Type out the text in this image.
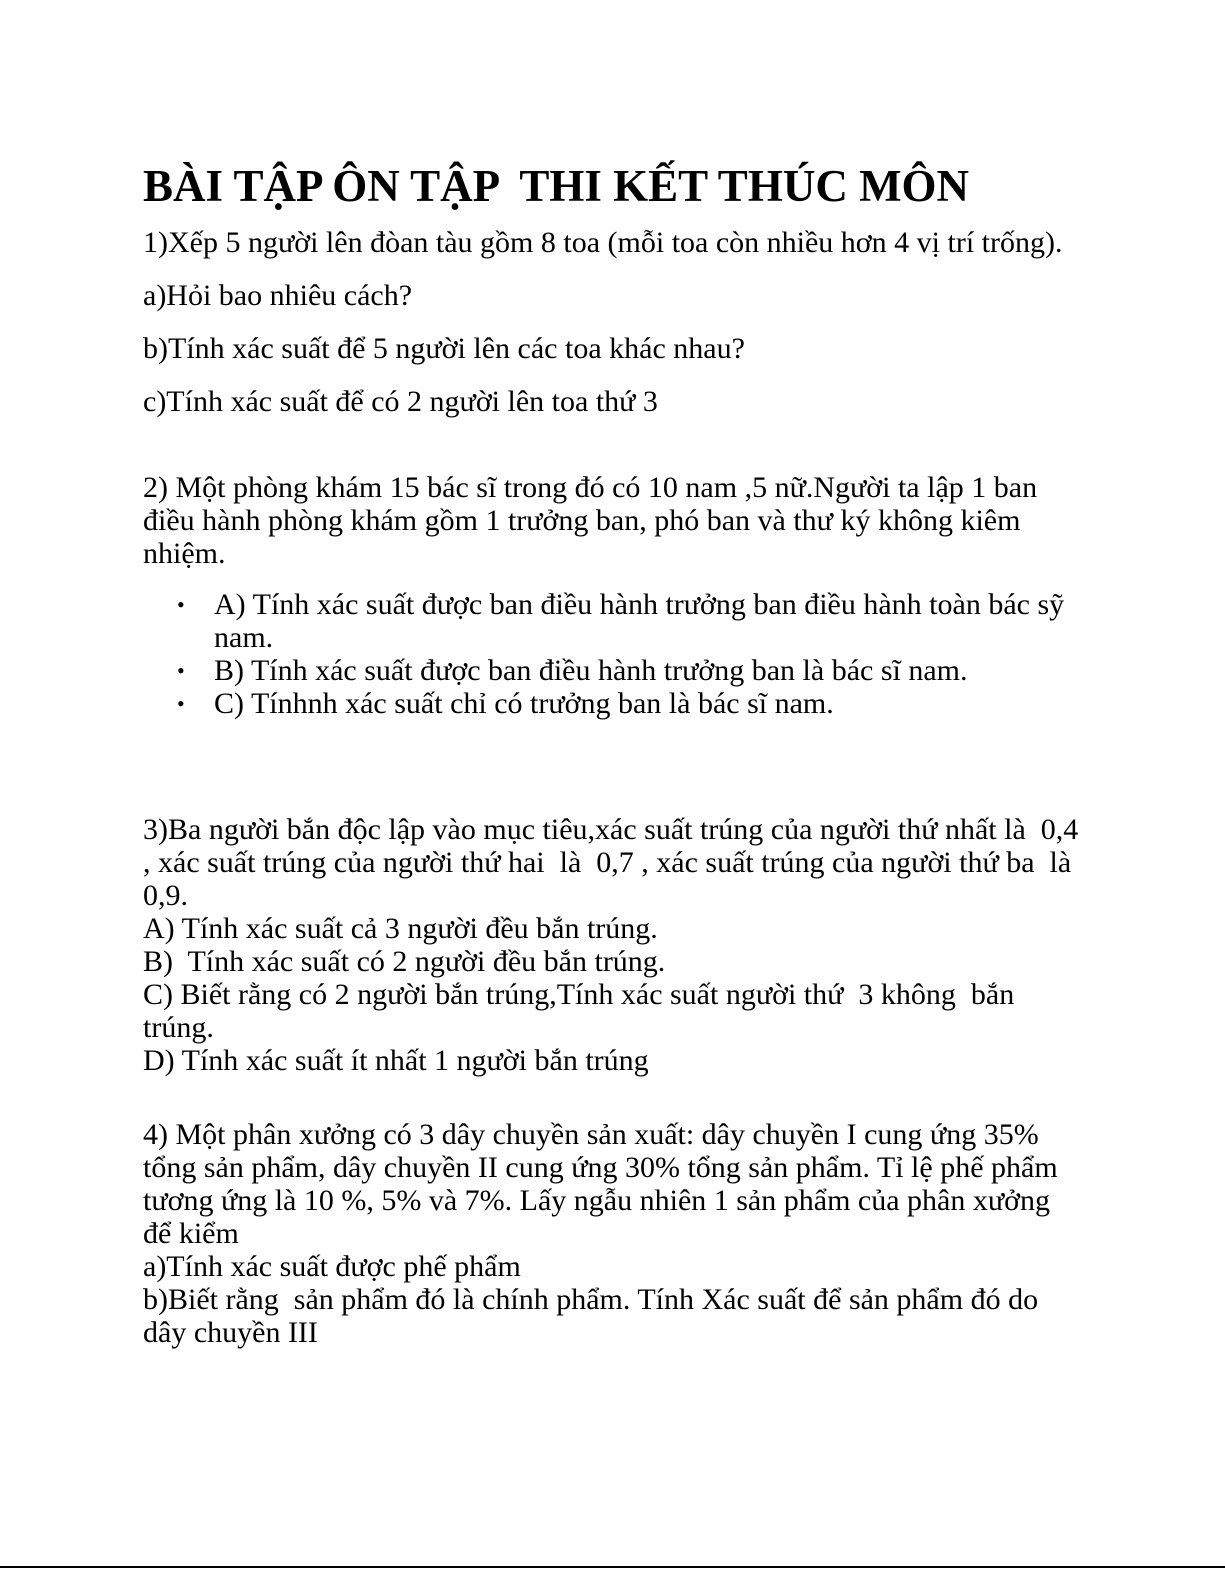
BÀI TẬP ÔN TẬP  THI KẾT THÚC MÔN

1)Xếp 5 người lên đòan tàu gồm 8 toa (mỗi toa còn nhiều hơn 4 vị trí trống).

a)Hỏi bao nhiêu cách?

b)Tính xác suất để 5 người lên các toa khác nhau?

c)Tính xác suất để có 2 người lên toa thứ 3

2) Một phòng khám 15 bác sĩ trong đó có 10 nam ,5 nữ.Người ta lập 1 ban điều hành phòng khám gồm 1 trưởng ban, phó ban và thư ký không kiêm nhiệm.

• A) Tính xác suất được ban điều hành trưởng ban điều hành toàn bác sỹ nam.
• B) Tính xác suất được ban điều hành trưởng ban là bác sĩ nam.
• C) Tínhnh xác suất chỉ có trưởng ban là bác sĩ nam.

3)Ba người bắn độc lập vào mục tiêu,xác suất trúng của người thứ nhất là  0,4 , xác suất trúng của người thứ hai  là  0,7 , xác suất trúng của người thứ ba  là  0,9.

A) Tính xác suất cả 3 người đều bắn trúng.

B)  Tính xác suất có 2 người đều bắn trúng.

C) Biết rằng có 2 người bắn trúng,Tính xác suất người thứ  3 không  bắn trúng.

D) Tính xác suất ít nhất 1 người bắn trúng

4) Một phân xưởng có 3 dây chuyền sản xuất: dây chuyền I cung ứng 35% tổng sản phẩm, dây chuyền II cung ứng 30% tổng sản phẩm. Tỉ lệ phế phẩm tương ứng là 10 %, 5% và 7%. Lấy ngẫu nhiên 1 sản phẩm của phân xưởng để kiểm

a)Tính xác suất được phế phẩm

b)Biết rằng  sản phẩm đó là chính phẩm. Tính Xác suất để sản phẩm đó do dây chuyền III
